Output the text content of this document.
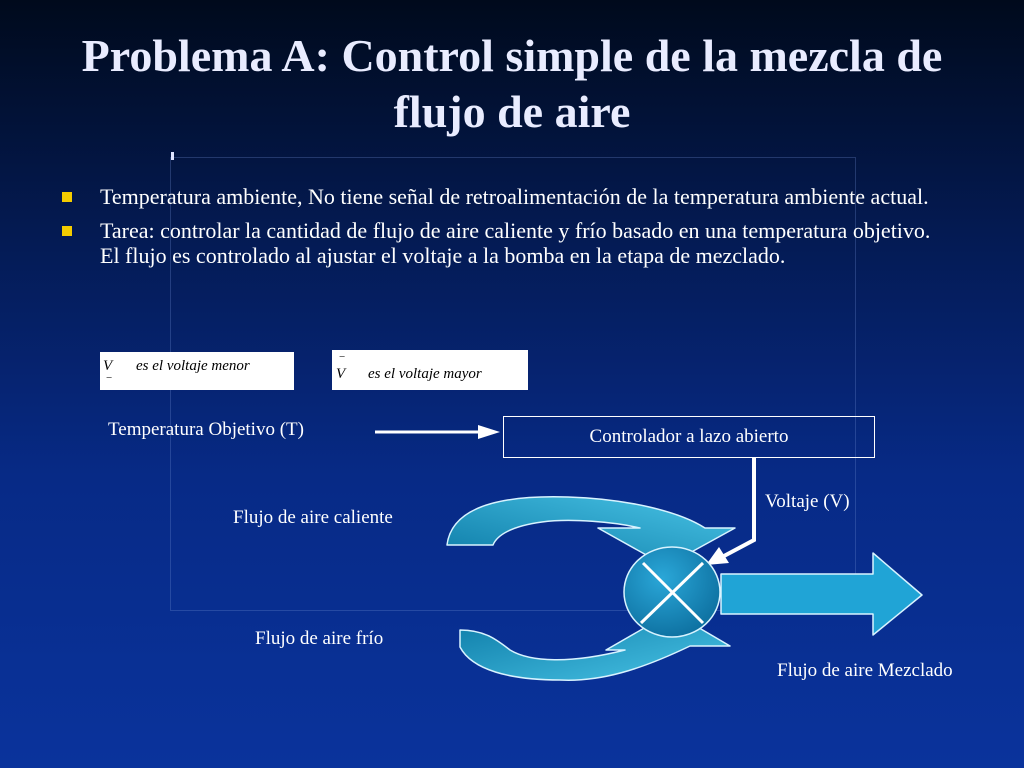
Problema A: Control simple de la mezcla de flujo de aire
Temperatura ambiente, No tiene señal de retroalimentación de la temperatura ambiente actual.
Tarea: controlar la cantidad de flujo de aire caliente y frío basado en una temperatura objetivo. El flujo es controlado al ajustar el voltaje a la bomba en la etapa de mezclado.
V
−
es el voltaje menor
−
V es el voltaje mayor
Temperatura Objetivo (T)	Controlador a lazo abierto
Voltaje (V)
Flujo de aire caliente
Flujo de aire frío
Flujo de aire Mezclado
